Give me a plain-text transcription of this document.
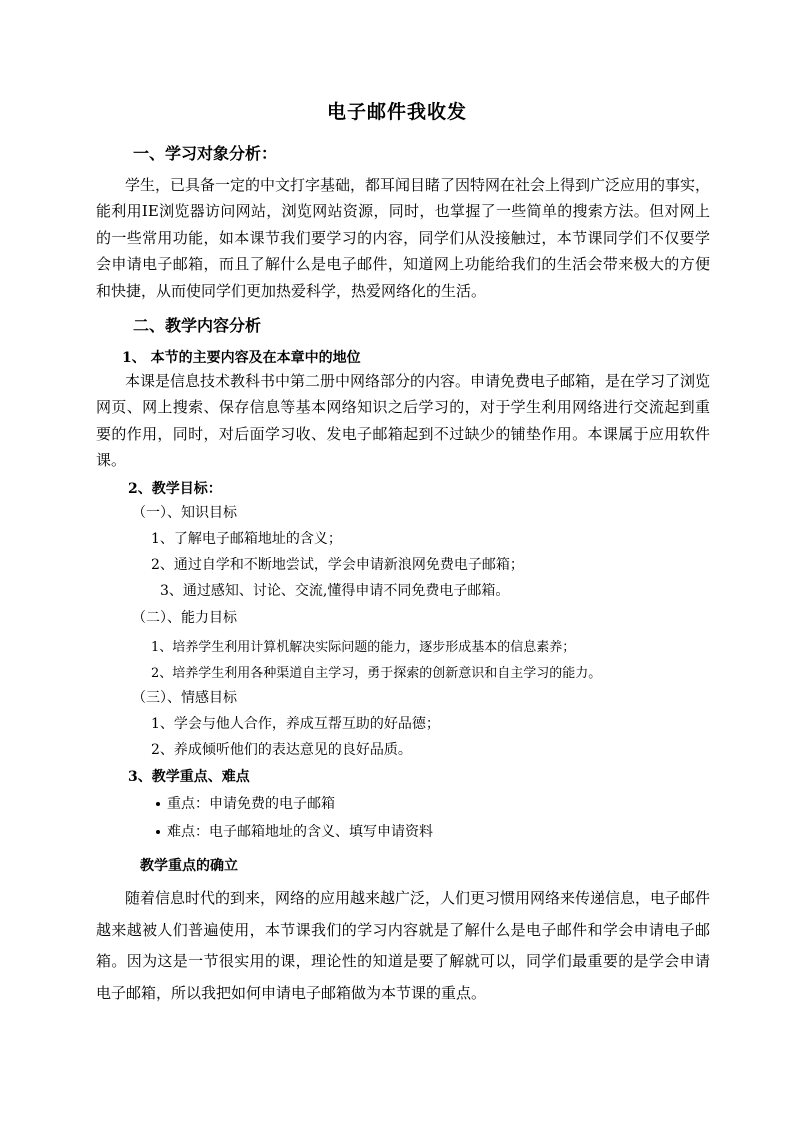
电子邮件我收发
一、学习对象分析：

学生，已具备一定的中文打字基础，都耳闻目睹了因特网在社会上得到广泛应用的事实，能利用IE浏览器访问网站，浏览网站资源，同时，也掌握了一些简单的搜索方法。但对网上的一些常用功能，如本课节我们要学习的内容，同学们从没接触过，本节课同学们不仅要学会申请电子邮箱，而且了解什么是电子邮件，知道网上功能给我们的生活会带来极大的方便和快捷，从而使同学们更加热爱科学，热爱网络化的生活。

二、教学内容分析
1、 本节的主要内容及在本章中的地位

本课是信息技术教科书中第二册中网络部分的内容。申请免费电子邮箱，是在学习了浏览网页、网上搜索、保存信息等基本网络知识之后学习的，对于学生利用网络进行交流起到重要的作用，同时，对后面学习收、发电子邮箱起到不过缺少的铺垫作用。本课属于应用软件课。

2、教学目标：
（一）、知识目标
1、了解电子邮箱地址的含义；
2、通过自学和不断地尝试，学会申请新浪网免费电子邮箱；
3、通过感知、讨论、交流,懂得申请不同免费电子邮箱。
（二）、能力目标
1、培养学生利用计算机解决实际问题的能力，逐步形成基本的信息素养；
2、培养学生利用各种渠道自主学习，勇于探索的创新意识和自主学习的能力。
（三）、情感目标
1、学会与他人合作，养成互帮互助的好品德；
2、养成倾听他们的表达意见的良好品质。
3、教学重点、难点
重点：申请免费的电子邮箱
难点：电子邮箱地址的含义、填写申请资料
教学重点的确立

随着信息时代的到来，网络的应用越来越广泛，人们更习惯用网络来传递信息，电子邮件越来越被人们普遍使用，本节课我们的学习内容就是了解什么是电子邮件和学会申请电子邮箱。因为这是一节很实用的课，理论性的知道是要了解就可以，同学们最重要的是学会申请电子邮箱，所以我把如何申请电子邮箱做为本节课的重点。
